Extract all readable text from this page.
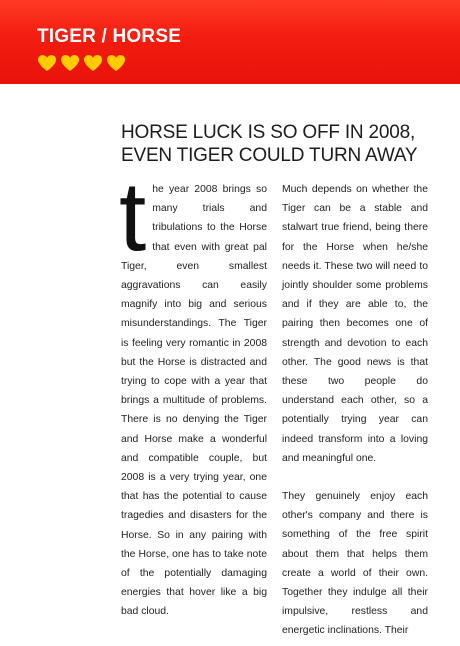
TIGER / HORSE
HORSE LUCK IS SO OFF IN 2008,
EVEN TIGER COULD TURN AWAY

the year 2008 brings so many trials and tribulations to the Horse that even with great pal Tiger, even smallest aggravations can easily magnify into big and serious misunderstandings. The Tiger is feeling very romantic in 2008 but the Horse is distracted and trying to cope with a year that brings a multitude of problems. There is no denying the Tiger and Horse make a wonderful and compatible couple, but 2008 is a very trying year, one that has the potential to cause tragedies and disasters for the Horse. So in any pairing with the Horse, one has to take note of the potentially damaging energies that hover like a big bad cloud.

Much depends on whether the Tiger can be a stable and stalwart true friend, being there for the Horse when he/she needs it. These two will need to jointly shoulder some problems and if they are able to, the pairing then becomes one of strength and devotion to each other. The good news is that these two people do understand each other, so a potentially trying year can indeed transform into a loving and meaningful one.

They genuinely enjoy each other's company and there is something of the free spirit about them that helps them create a world of their own. Together they indulge all their impulsive, restless and energetic inclinations. Their
